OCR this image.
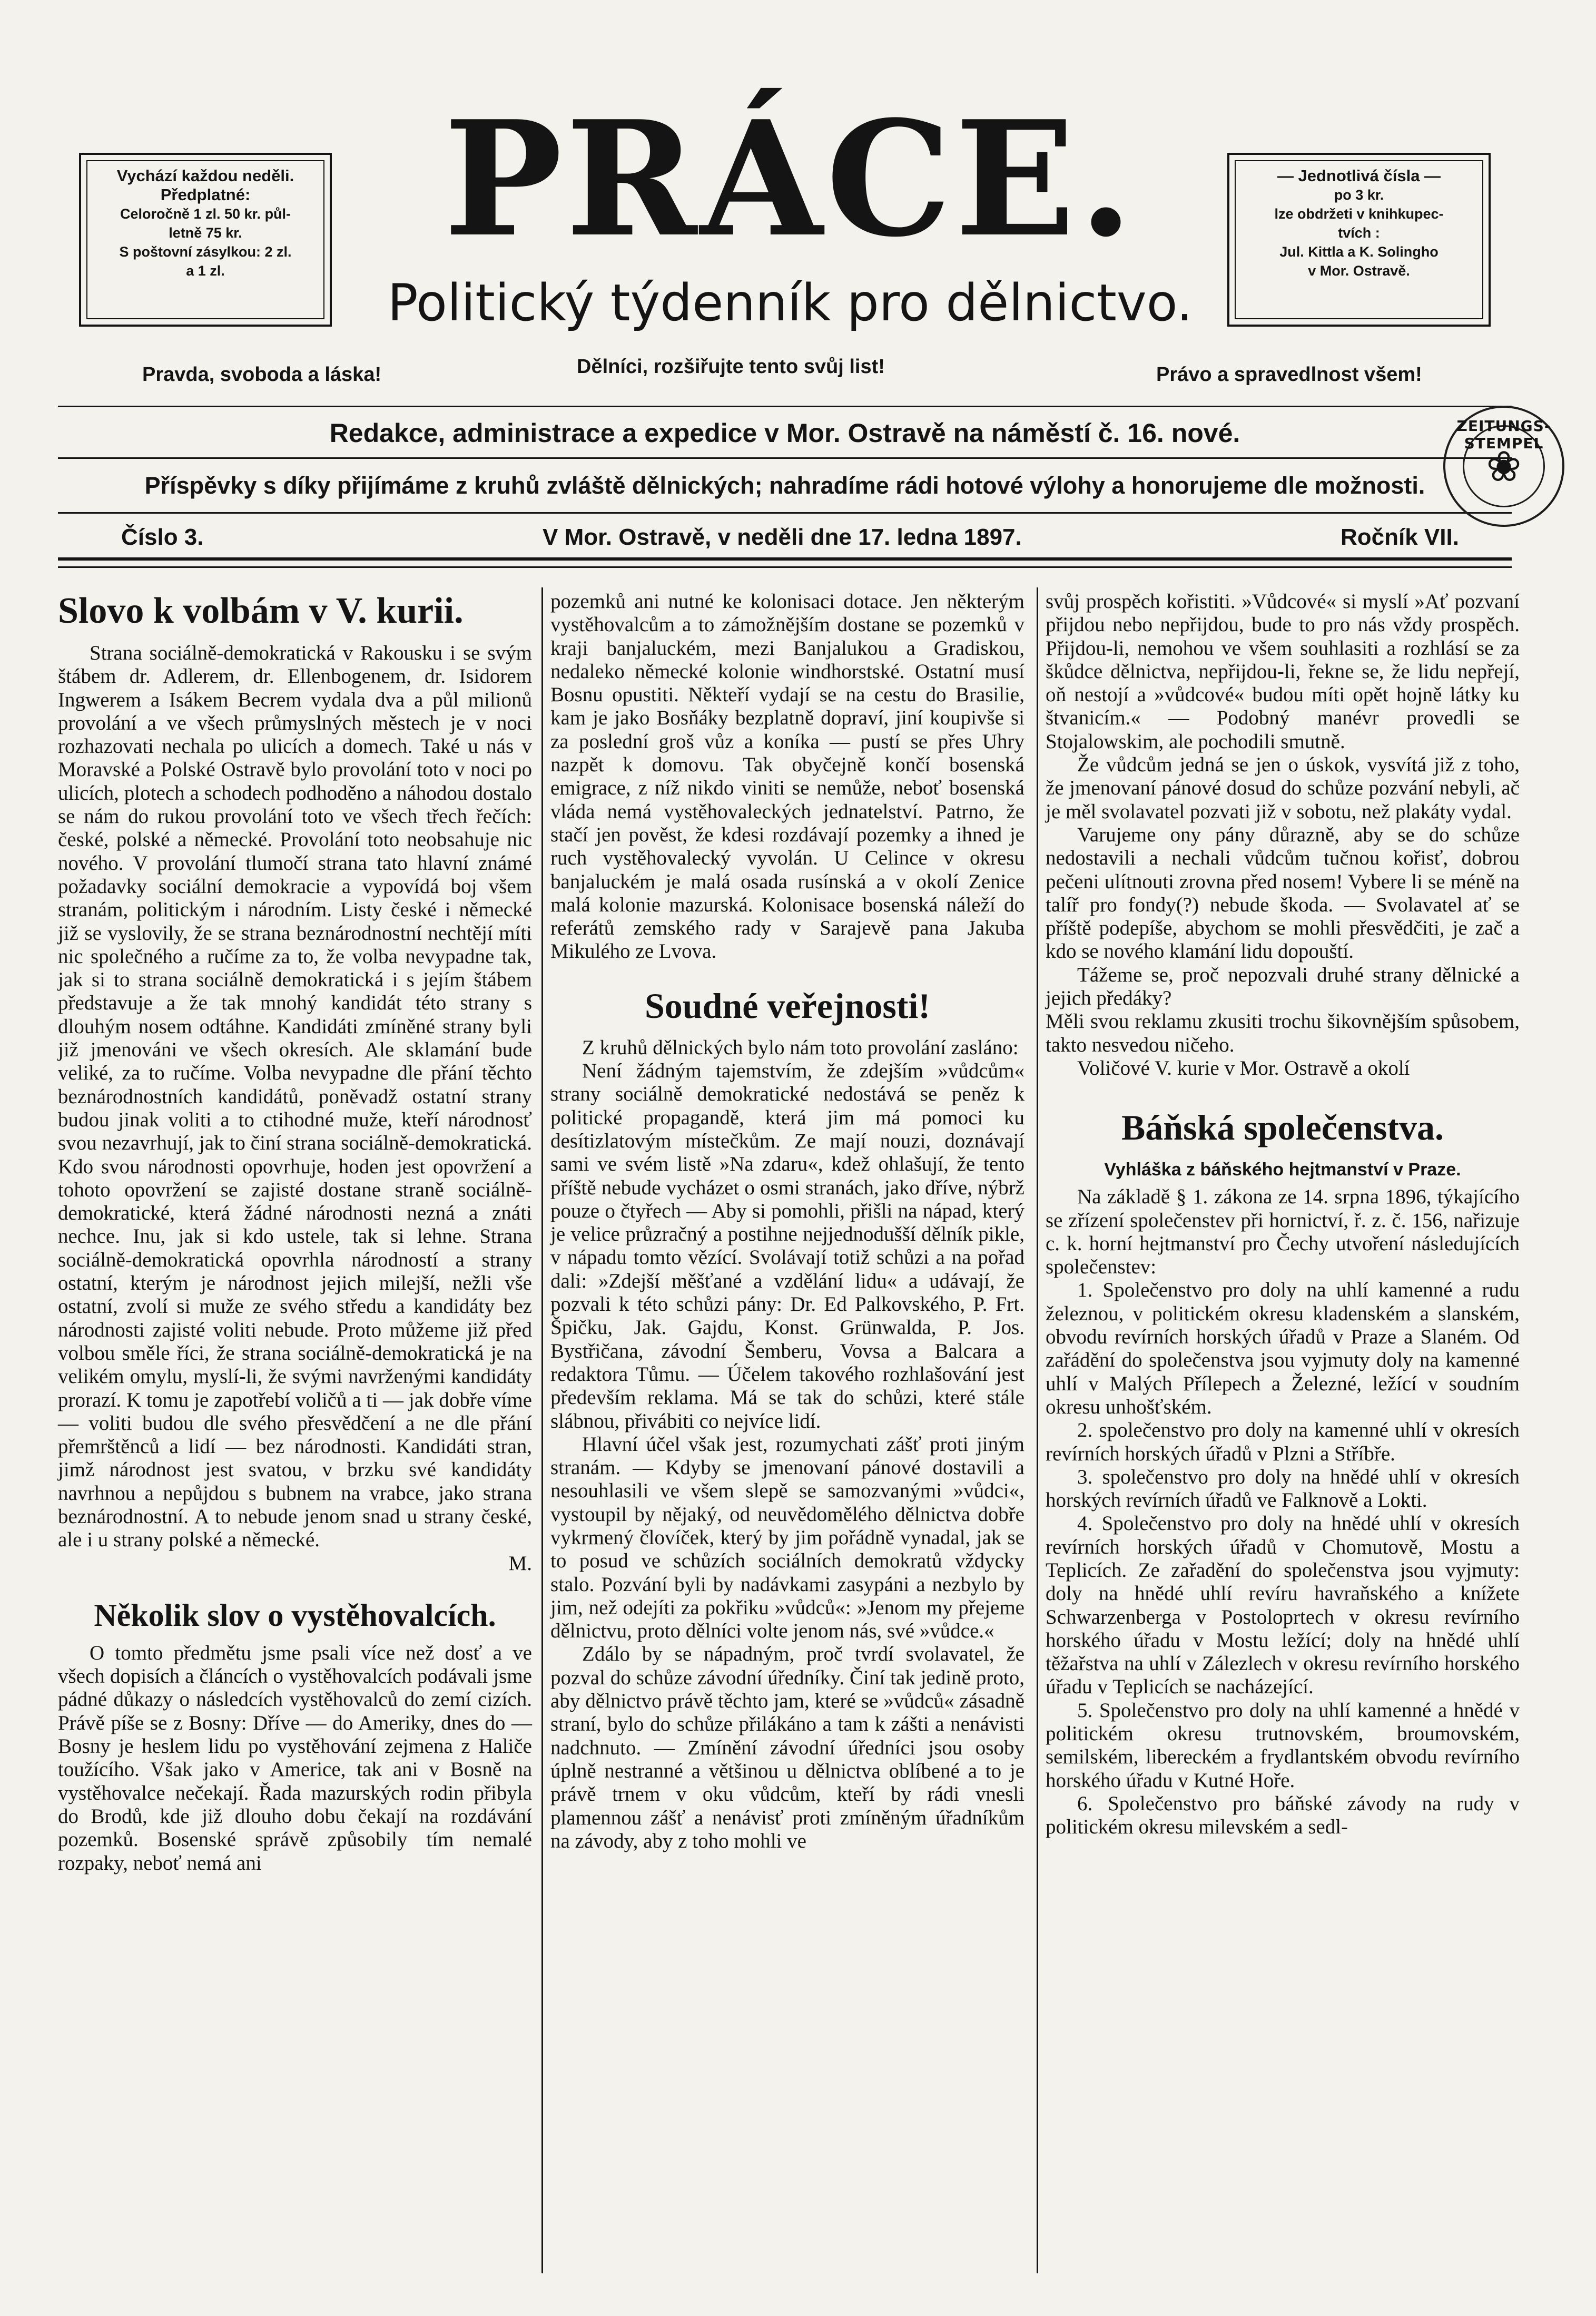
Vychází každou neděli.
Předplatné:
Celoročně 1 zl. 50 kr. půl-
letně 75 kr.
S poštovní zásylkou: 2 zl.
a 1 zl.
— Jednotlivá čísla —
po 3 kr.
lze obdržeti v knihkupec-
tvích :
Jul. Kittla a K. Solingho
v Mor. Ostravě.
PRÁCE.
Politický týdenník pro dělnictvo.
Pravda, svoboda a láska!	Dělníci, rozšiřujte tento svůj list!	Právo a spravedlnost všem!
Redakce, administrace a expedice v Mor. Ostravě na náměstí č. 16. nové.
Příspěvky s díky přijímáme z kruhů zvláště dělnických; nahradíme rádi hotové výlohy a honorujeme dle možnosti.
Číslo 3.	V Mor. Ostravě, v neděli dne 17. ledna 1897.	Ročník VII.
ZEITUNGS-STEMPEL
❀
Slovo k volbám v V. kurii.

Strana sociálně-demokratická v Rakousku i se svým štábem dr. Adlerem, dr. Ellenbogenem, dr. Isidorem Ingwerem a Isákem Becrem vydala dva a půl milionů provolání a ve všech průmyslných městech je v noci rozhazovati nechala po ulicích a domech. Také u nás v Moravské a Polské Ostravě bylo provolání toto v noci po ulicích, plotech a schodech podhoděno a náhodou dostalo se nám do rukou provolání toto ve všech třech řečích: české, polské a německé. Provolání toto neobsahuje nic nového. V provolání tlumočí strana tato hlavní známé požadavky sociální demokracie a vypovídá boj všem stranám, politickým i národním. Listy české i německé již se vyslovily, že se strana beznárodnostní nechtějí míti nic společného a ručíme za to, že volba nevypadne tak, jak si to strana sociálně demokratická i s jejím štábem představuje a že tak mnohý kandidát této strany s dlouhým nosem odtáhne. Kandidáti zmíněné strany byli již jmenováni ve všech okresích. Ale sklamání bude veliké, za to ručíme. Volba nevypadne dle přání těchto beznárodnostních kandidátů, poněvadž ostatní strany budou jinak voliti a to ctihodné muže, kteří národnosť svou nezavrhují, jak to činí strana sociálně-demokratická. Kdo svou národnosti opovrhuje, hoden jest opovržení a tohoto opovržení se zajisté dostane straně sociálně-demokratické, která žádné národnosti nezná a znáti nechce. Inu, jak si kdo ustele, tak si lehne. Strana sociálně-demokratická opovrhla národností a strany ostatní, kterým je národnost jejich milejší, nežli vše ostatní, zvolí si muže ze svého středu a kandidáty bez národnosti zajisté voliti nebude. Proto můžeme již před volbou směle říci, že strana sociálně-demokratická je na velikém omylu, myslí-li, že svými navrženými kandidáty prorazí. K tomu je zapotřebí voličů a ti — jak dobře víme — voliti budou dle svého přesvědčení a ne dle přání přemrštěnců a lidí — bez národnosti. Kandidáti stran, jimž národnost jest svatou, v brzku své kandidáty navrhnou a nepůjdou s bubnem na vrabce, jako strana beznárodnostní. A to nebude jenom snad u strany české, ale i u strany polské a německé.

M.

Několik slov o vystěhovalcích.

O tomto předmětu jsme psali více než dosť a ve všech dopisích a článcích o vystěhovalcích podávali jsme pádné důkazy o následcích vystěhovalců do zemí cizích. Právě píše se z Bosny: Dříve — do Ameriky, dnes do — Bosny je heslem lidu po vystěhování zejmena z Haliče toužícího. Však jako v Americe, tak ani v Bosně na vystěhovalce nečekají. Řada mazurských rodin přibyla do Brodů, kde již dlouho dobu čekají na rozdávání pozemků. Bosenské správě způsobily tím nemalé rozpaky, neboť nemá ani

pozemků ani nutné ke kolonisaci dotace. Jen některým vystěhovalcům a to zámožnějším dostane se pozemků v kraji banjaluckém, mezi Banjalukou a Gradiskou, nedaleko německé kolonie windhorstské. Ostatní musí Bosnu opustiti. Někteří vydají se na cestu do Brasilie, kam je jako Bosňáky bezplatně dopraví, jiní koupivše si za poslední groš vůz a koníka — pustí se přes Uhry nazpět k domovu. Tak obyčejně končí bosenská emigrace, z níž nikdo viniti se nemůže, neboť bosenská vláda nemá vystěhovaleckých jednatelství. Patrno, že stačí jen pověst, že kdesi rozdávají pozemky a ihned je ruch vystěhovalecký vyvolán. U Celince v okresu banjaluckém je malá osada rusínská a v okolí Zenice malá kolonie mazurská. Kolonisace bosenská náleží do referátů zemského rady v Sarajevě pana Jakuba Mikulého ze Lvova.

Soudné veřejnosti!

Z kruhů dělnických bylo nám toto provolání zasláno:

Není žádným tajemstvím, že zdejším »vůdcům« strany sociálně demokratické nedostává se peněz k politické propagandě, která jim má pomoci ku desítizlatovým místečkům. Ze mají nouzi, doznávají sami ve svém listě »Na zdaru«, kdež ohlašují, že tento příště nebude vycházet o osmi stranách, jako dříve, nýbrž pouze o čtyřech — Aby si pomohli, přišli na nápad, který je velice průzračný a postihne nejjednodušší dělník pikle, v nápadu tomto vězící. Svolávají totiž schůzi a na pořad dali: »Zdejší měšťané a vzdělání lidu« a udávají, že pozvali k této schůzi pány: Dr. Ed Palkovského, P. Frt. Špičku, Jak. Gajdu, Konst. Grünwalda, P. Jos. Bystřičana, závodní Šemberu, Vovsa a Balcara a redaktora Tůmu. — Účelem takového rozhlašování jest především reklama. Má se tak do schůzi, které stále slábnou, přivábiti co nejvíce lidí.

Hlavní účel však jest, rozumychati zášť proti jiným stranám. — Kdyby se jmenovaní pánové dostavili a nesouhlasili ve všem slepě se samozvanými »vůdci«, vystoupil by nějaký, od neuvědomělého dělnictva dobře vykrmený človíček, který by jim pořádně vynadal, jak se to posud ve schůzích sociálních demokratů vždycky stalo. Pozvání byli by nadávkami zasypáni a nezbylo by jim, než odejíti za pokřiku »vůdců«: »Jenom my přejeme dělnictvu, proto dělníci volte jenom nás, své »vůdce.«

Zdálo by se nápadným, proč tvrdí svolavatel, že pozval do schůze závodní úředníky. Činí tak jedině proto, aby dělnictvo právě těchto jam, které se »vůdců« zásadně straní, bylo do schůze přilákáno a tam k zášti a nenávisti nadchnuto. — Zmínění závodní úředníci jsou osoby úplně nestranné a většinou u dělnictva oblíbené a to je právě trnem v oku vůdcům, kteří by rádi vnesli plamennou zášť a nenávisť proti zmíněným úřadníkům na závody, aby z toho mohli ve

svůj prospěch kořistiti. »Vůdcové« si myslí »Ať pozvaní přijdou nebo nepřijdou, bude to pro nás vždy prospěch. Přijdou-li, nemohou ve všem souhlasiti a rozhlásí se za škůdce dělnictva, nepřijdou-li, řekne se, že lidu nepřejí, oň nestojí a »vůdcové« budou míti opět hojně látky ku štvanicím.« — Podobný manévr provedli se Stojalowskim, ale pochodili smutně.

Že vůdcům jedná se jen o úskok, vysvítá již z toho, že jmenovaní pánové dosud do schůze pozvání nebyli, ač je měl svolavatel pozvati již v sobotu, než plakáty vydal.

Varujeme ony pány důrazně, aby se do schůze nedostavili a nechali vůdcům tučnou kořisť, dobrou pečeni ulítnouti zrovna před nosem! Vybere li se méně na talíř pro fondy(?) nebude škoda. — Svolavatel ať se příště podepíše, abychom se mohli přesvědčiti, je zač a kdo se nového klamání lidu dopouští.

Tážeme se, proč nepozvali druhé strany dělnické a jejich předáky?

Měli svou reklamu zkusiti trochu šikovnějším spůsobem, takto nesvedou ničeho.

Voličové V. kurie v Mor. Ostravě a okolí

Báňská společenstva.
Vyhláška z báňského hejtmanství v Praze.

Na základě § 1. zákona ze 14. srpna 1896, týkajícího se zřízení společenstev při hornictví, ř. z. č. 156, nařizuje c. k. horní hejtmanství pro Čechy utvoření následujících společenstev:

1. Společenstvo pro doly na uhlí kamenné a rudu železnou, v politickém okresu kladenském a slanském, obvodu revírních horských úřadů v Praze a Slaném. Od zařádění do společenstva jsou vyjmuty doly na kamenné uhlí v Malých Přílepech a Železné, ležící v soudním okresu unhošťském.

2. společenstvo pro doly na kamenné uhlí v okresích revírních horských úřadů v Plzni a Stříbře.

3. společenstvo pro doly na hnědé uhlí v okresích horských revírních úřadů ve Falknově a Lokti.

4. Společenstvo pro doly na hnědé uhlí v okresích revírních horských úřadů v Chomutově, Mostu a Teplicích. Ze zařadění do společenstva jsou vyjmuty: doly na hnědé uhlí revíru havraňského a knížete Schwarzenberga v Postoloprtech v okresu revírního horského úřadu v Mostu ležící; doly na hnědé uhlí těžařstva na uhlí v Zálezlech v okresu revírního horského úřadu v Teplicích se nacházející.

5. Společenstvo pro doly na uhlí kamenné a hnědé v politickém okresu trutnovském, broumovském, semilském, libereckém a frydlantském obvodu revírního horského úřadu v Kutné Hoře.

6. Společenstvo pro báňské závody na rudy v politickém okresu milevském a sedl-
